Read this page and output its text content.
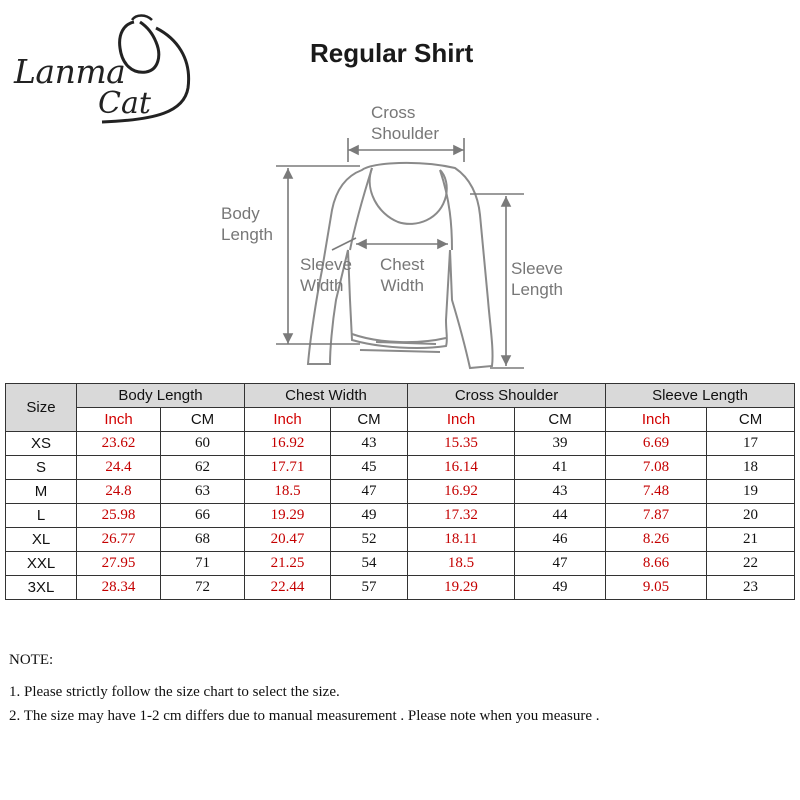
Lanma
Cat
Regular Shirt
Cross
Shoulder
Body
Length
Sleeve
Width
Chest
Width
Sleeve
Length
Size	Body Length		Chest Width		Cross Shoulder		Sleeve Length	
	Inch	CM	Inch	CM	Inch	CM	Inch	CM
XS	23.62	60	16.92	43	15.35	39	6.69	17
S	24.4	62	17.71	45	16.14	41	7.08	18
M	24.8	63	18.5	47	16.92	43	7.48	19
L	25.98	66	19.29	49	17.32	44	7.87	20
XL	26.77	68	20.47	52	18.11	46	8.26	21
XXL	27.95	71	21.25	54	18.5	47	8.66	22
3XL	28.34	72	22.44	57	19.29	49	9.05	23

NOTE:

1. Please strictly follow the size chart to select the size.

2. The size may have 1-2 cm differs due to manual measurement . Please note when you measure .
